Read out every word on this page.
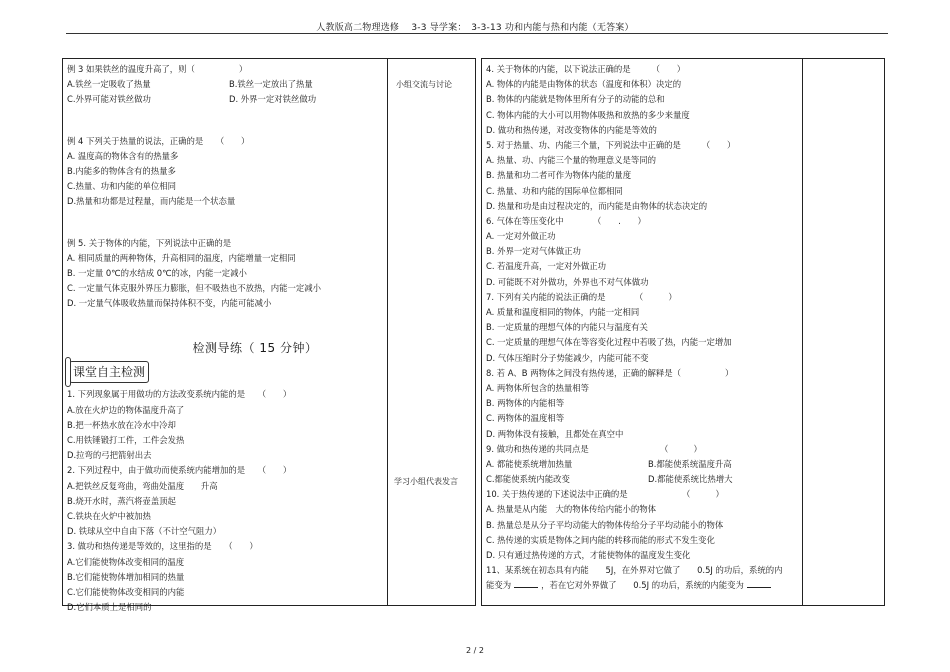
人教版高二物理选修　 3-3 导学案：　3-3-13 功和内能与热和内能（无答案）
小组交流与讨论
学习小组代表发言
例 3 如果铁丝的温度升高了，则（	）
A.铁丝一定吸收了热量	B.铁丝一定放出了热量
C.外界可能对铁丝做功	D. 外界一定对铁丝做功
例 4 下列关于热量的说法，正确的是　　 （　　）
A. 温度高的物体含有的热量多
B.内能多的物体含有的热量多
C.热量、功和内能的单位相同
D.热量和功都是过程量，而内能是一个状态量
例 5. 关于物体的内能，下列说法中正确的是
A. 相同质量的两种物体，升高相同的温度，内能增量一定相同
B. 一定量 0℃的水结成 0℃的冰，内能一定减小
C. 一定量气体克服外界压力膨胀，但不吸热也不放热，内能一定减小
D. 一定量气体吸收热量而保持体积不变，内能可能减小
检测导练（ 15 分钟）
课堂自主检测
1. 下列现象属于用做功的方法改变系统内能的是　　 （　　）
A.放在火炉边的物体温度升高了
B.把一杯热水放在冷水中冷却
C.用铁锤锻打工件，工件会发热
D.拉弯的弓把箭射出去
2. 下列过程中，由于做功而使系统内能增加的是　　 （　　）
A.把铁丝反复弯曲，弯曲处温度　　升高
B.烧开水时，蒸汽将壶盖顶起
C.铁块在火炉中被加热
D. 铁球从空中自由下落（不计空气阻力）
3. 做功和热传递是等效的，这里指的是　　 （　　）
A.它们能使物体改变相同的温度
B.它们能使物体增加相同的热量
C.它们能使物体改变相同的内能
D.它们本质上是相同的
4. 关于物体的内能，以下说法正确的是　　　	（　　）
A. 物体的内能是由物体的状态（温度和体积）决定的
B. 物体的内能就是物体里所有分子的动能的总和
C. 物体内能的大小可以用物体吸热和放热的多少来量度
D. 做功和热传递，对改变物体的内能是等效的
5. 对于热量、功、内能三个量，下列说法中正确的是　　　	（　　）
A. 热量、功、内能三个量的物理意义是等同的
B. 热量和功二者可作为物体内能的量度
C. 热量、功和内能的国际单位都相同
D. 热量和功是由过程决定的，而内能是由物体的状态决定的
6. 气体在等压变化中　　　　	（　　.　　）
A. 一定对外做正功
B. 外界一定对气体做正功
C. 若温度升高，一定对外做正功
D. 可能既不对外做功，外界也不对气体做功
7. 下列有关内能的说法正确的是　　　　	（　　　）
A. 质量和温度相同的物体，内能一定相同
B. 一定质量的理想气体的内能只与温度有关
C. 一定质量的理想气体在等容变化过程中若吸了热，内能一定增加
D. 气体压缩时分子势能减少，内能可能不变
8. 若 A、B 两物体之间没有热传递，正确的解释是（	）
A. 两物体所包含的热量相等
B. 两物体的内能相等
C. 两物体的温度相等
D. 两物体没有接触，且都处在真空中
9. 做功和热传递的共同点是　　　　　　　　　	（　　　）
A. 都能使系统增加热量	B.都能使系统温度升高
C.都能使系统内能改变	D.都能使系统比热增大
10. 关于热传递的下述说法中正确的是　　　　　　　	（　　　）
A. 热量是从内能　大的物体传给内能小的物体
B. 热量总是从分子平均动能大的物体传给分子平均动能小的物体
C. 热传递的实质是物体之间内能的转移而能的形式不发生变化
D. 只有通过热传递的方式，才能使物体的温度发生变化
11、某系统在初态具有内能　　 5J，在外界对它做了　　 0.5J 的功后，系统的内
能变为	，若在它对外界做了　　 0.5J 的功后，系统的内能变为
2 / 2
